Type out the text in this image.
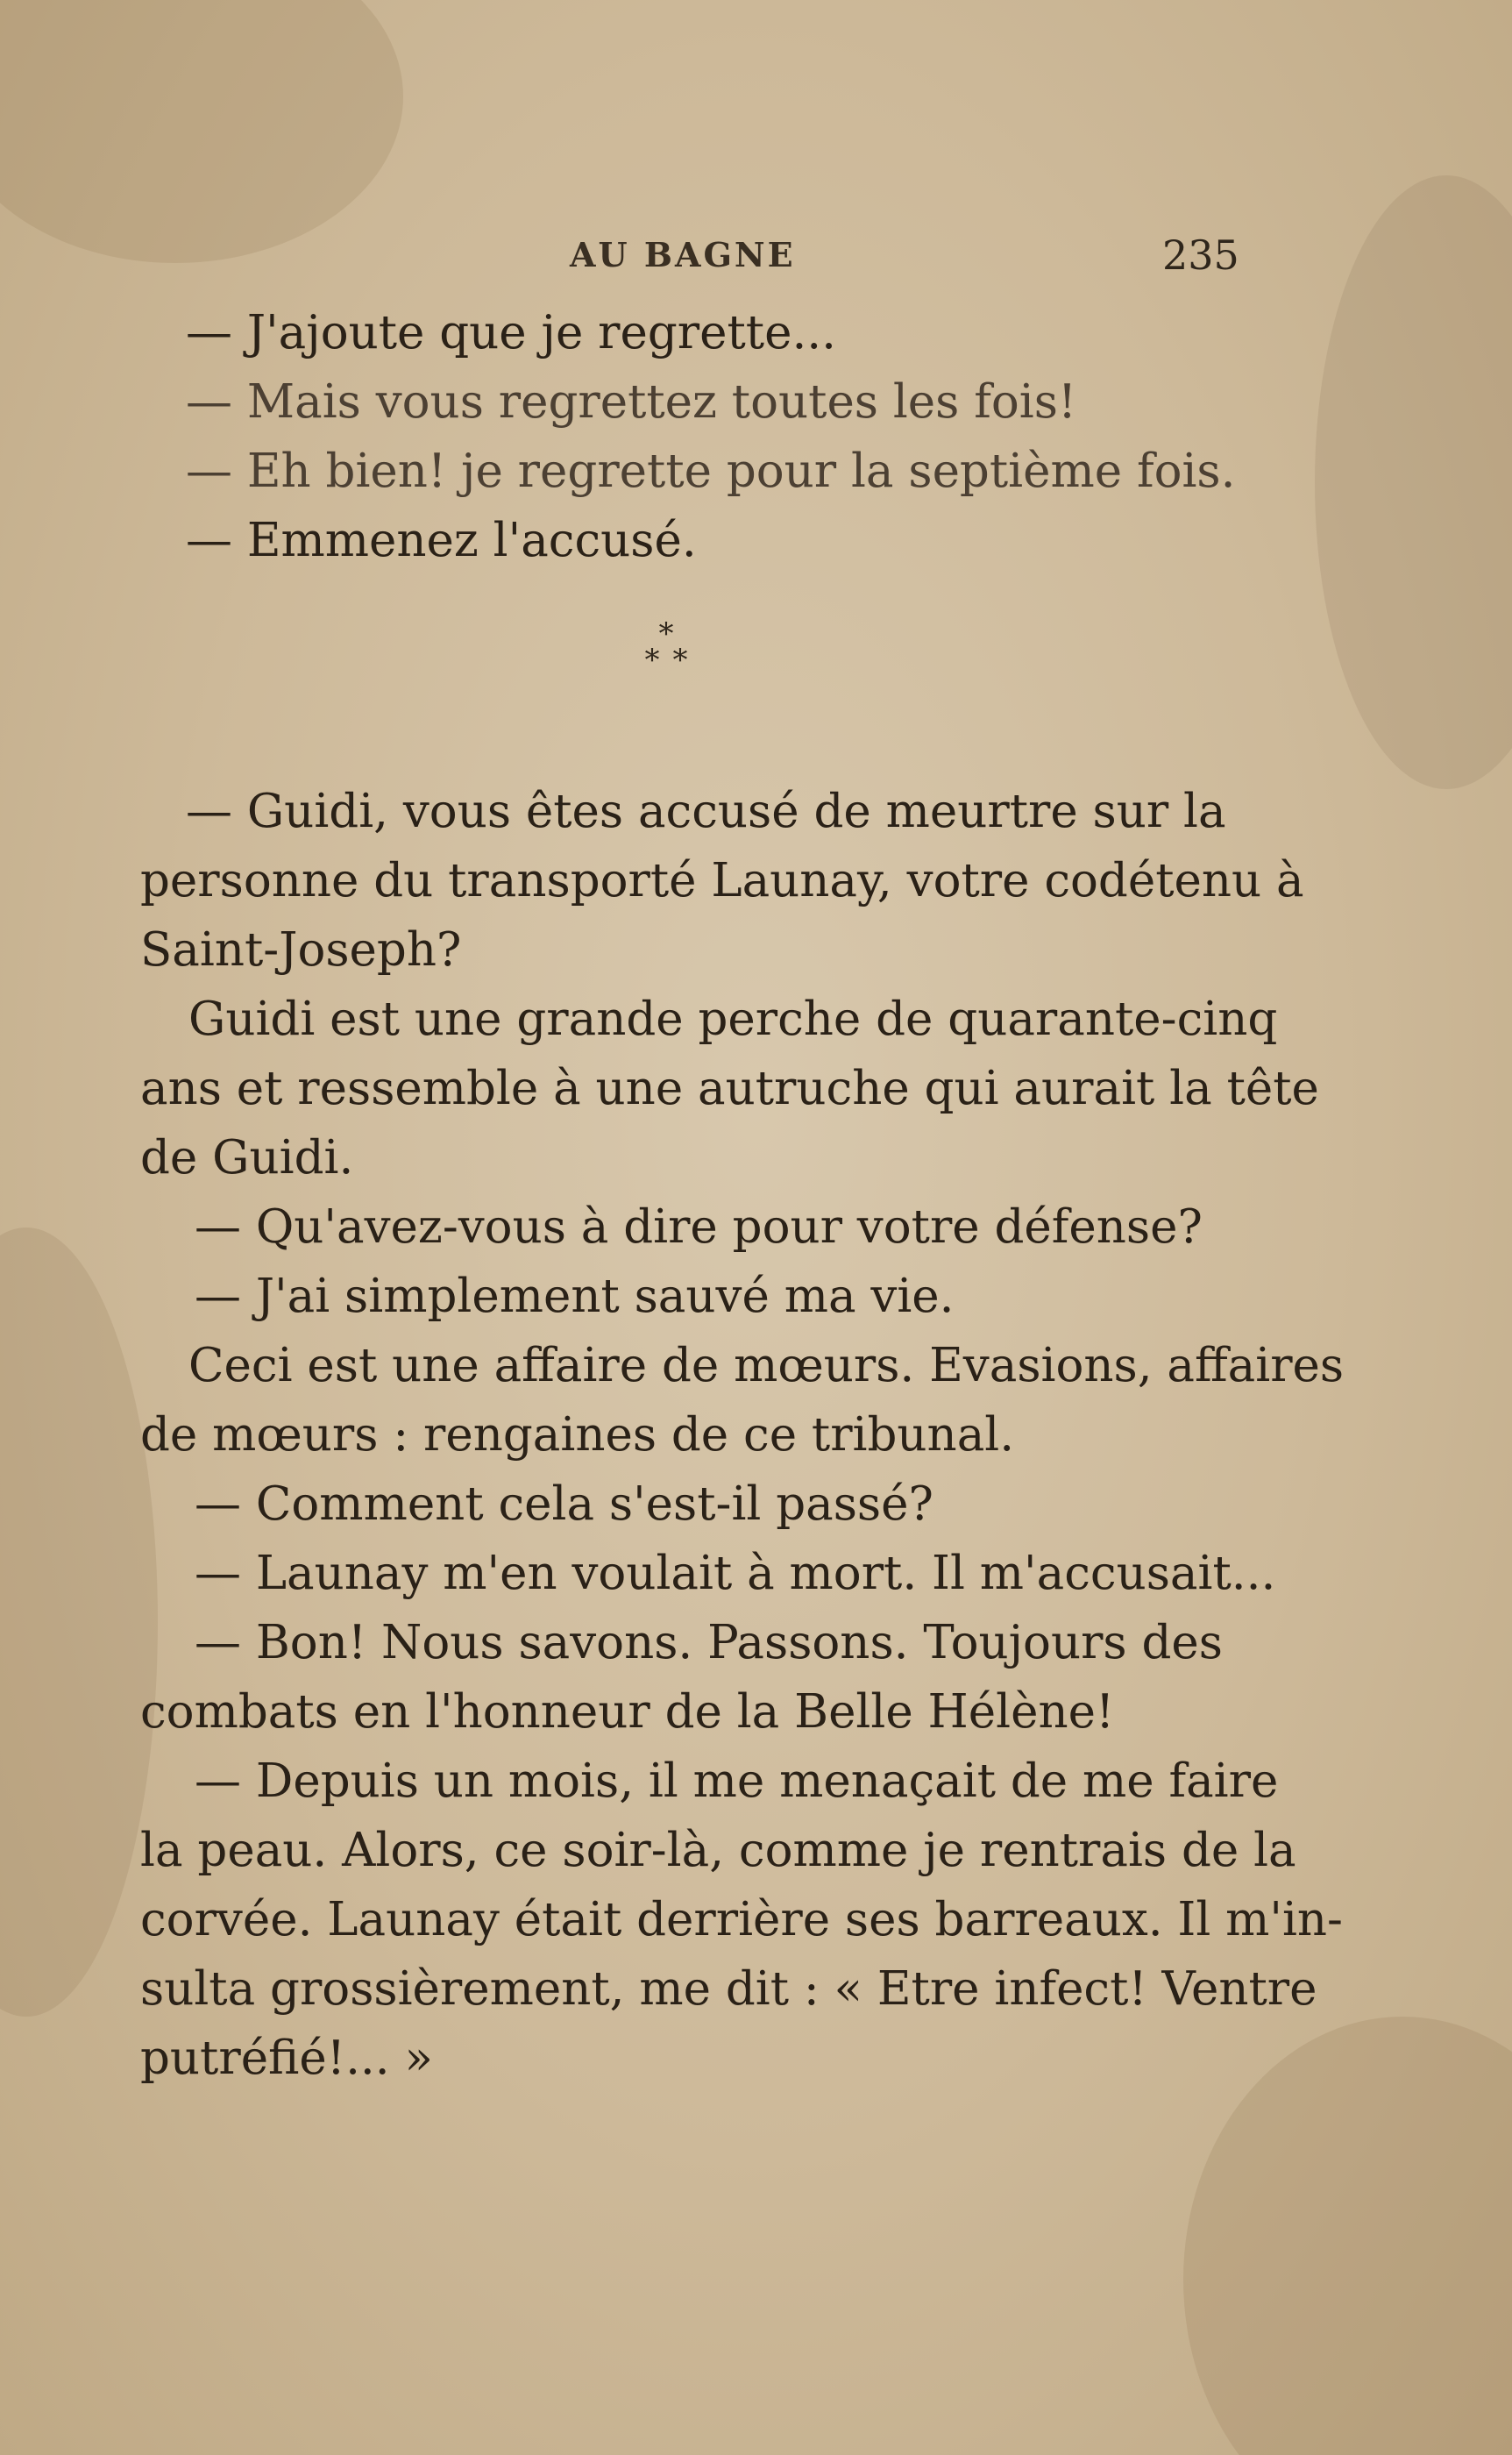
AU BAGNE	235
— J'ajoute que je regrette...
— Mais vous regrettez toutes les fois!
— Eh bien! je regrette pour la septième fois.
— Emmenez l'accusé.
*
* *
— Guidi, vous êtes accusé de meurtre sur la
personne du transporté Launay, votre codétenu à
Saint-Joseph?
Guidi est une grande perche de quarante-cinq
ans et ressemble à une autruche qui aurait la tête
de Guidi.
— Qu'avez-vous à dire pour votre défense?
— J'ai simplement sauvé ma vie.
Ceci est une affaire de mœurs. Evasions, affaires
de mœurs : rengaines de ce tribunal.
— Comment cela s'est-il passé?
— Launay m'en voulait à mort. Il m'accusait...
— Bon! Nous savons. Passons. Toujours des
combats en l'honneur de la Belle Hélène!
— Depuis un mois, il me menaçait de me faire
la peau. Alors, ce soir-là, comme je rentrais de la
corvée. Launay était derrière ses barreaux. Il m'in-
sulta grossièrement, me dit : « Etre infect! Ventre
putréfié!... »
